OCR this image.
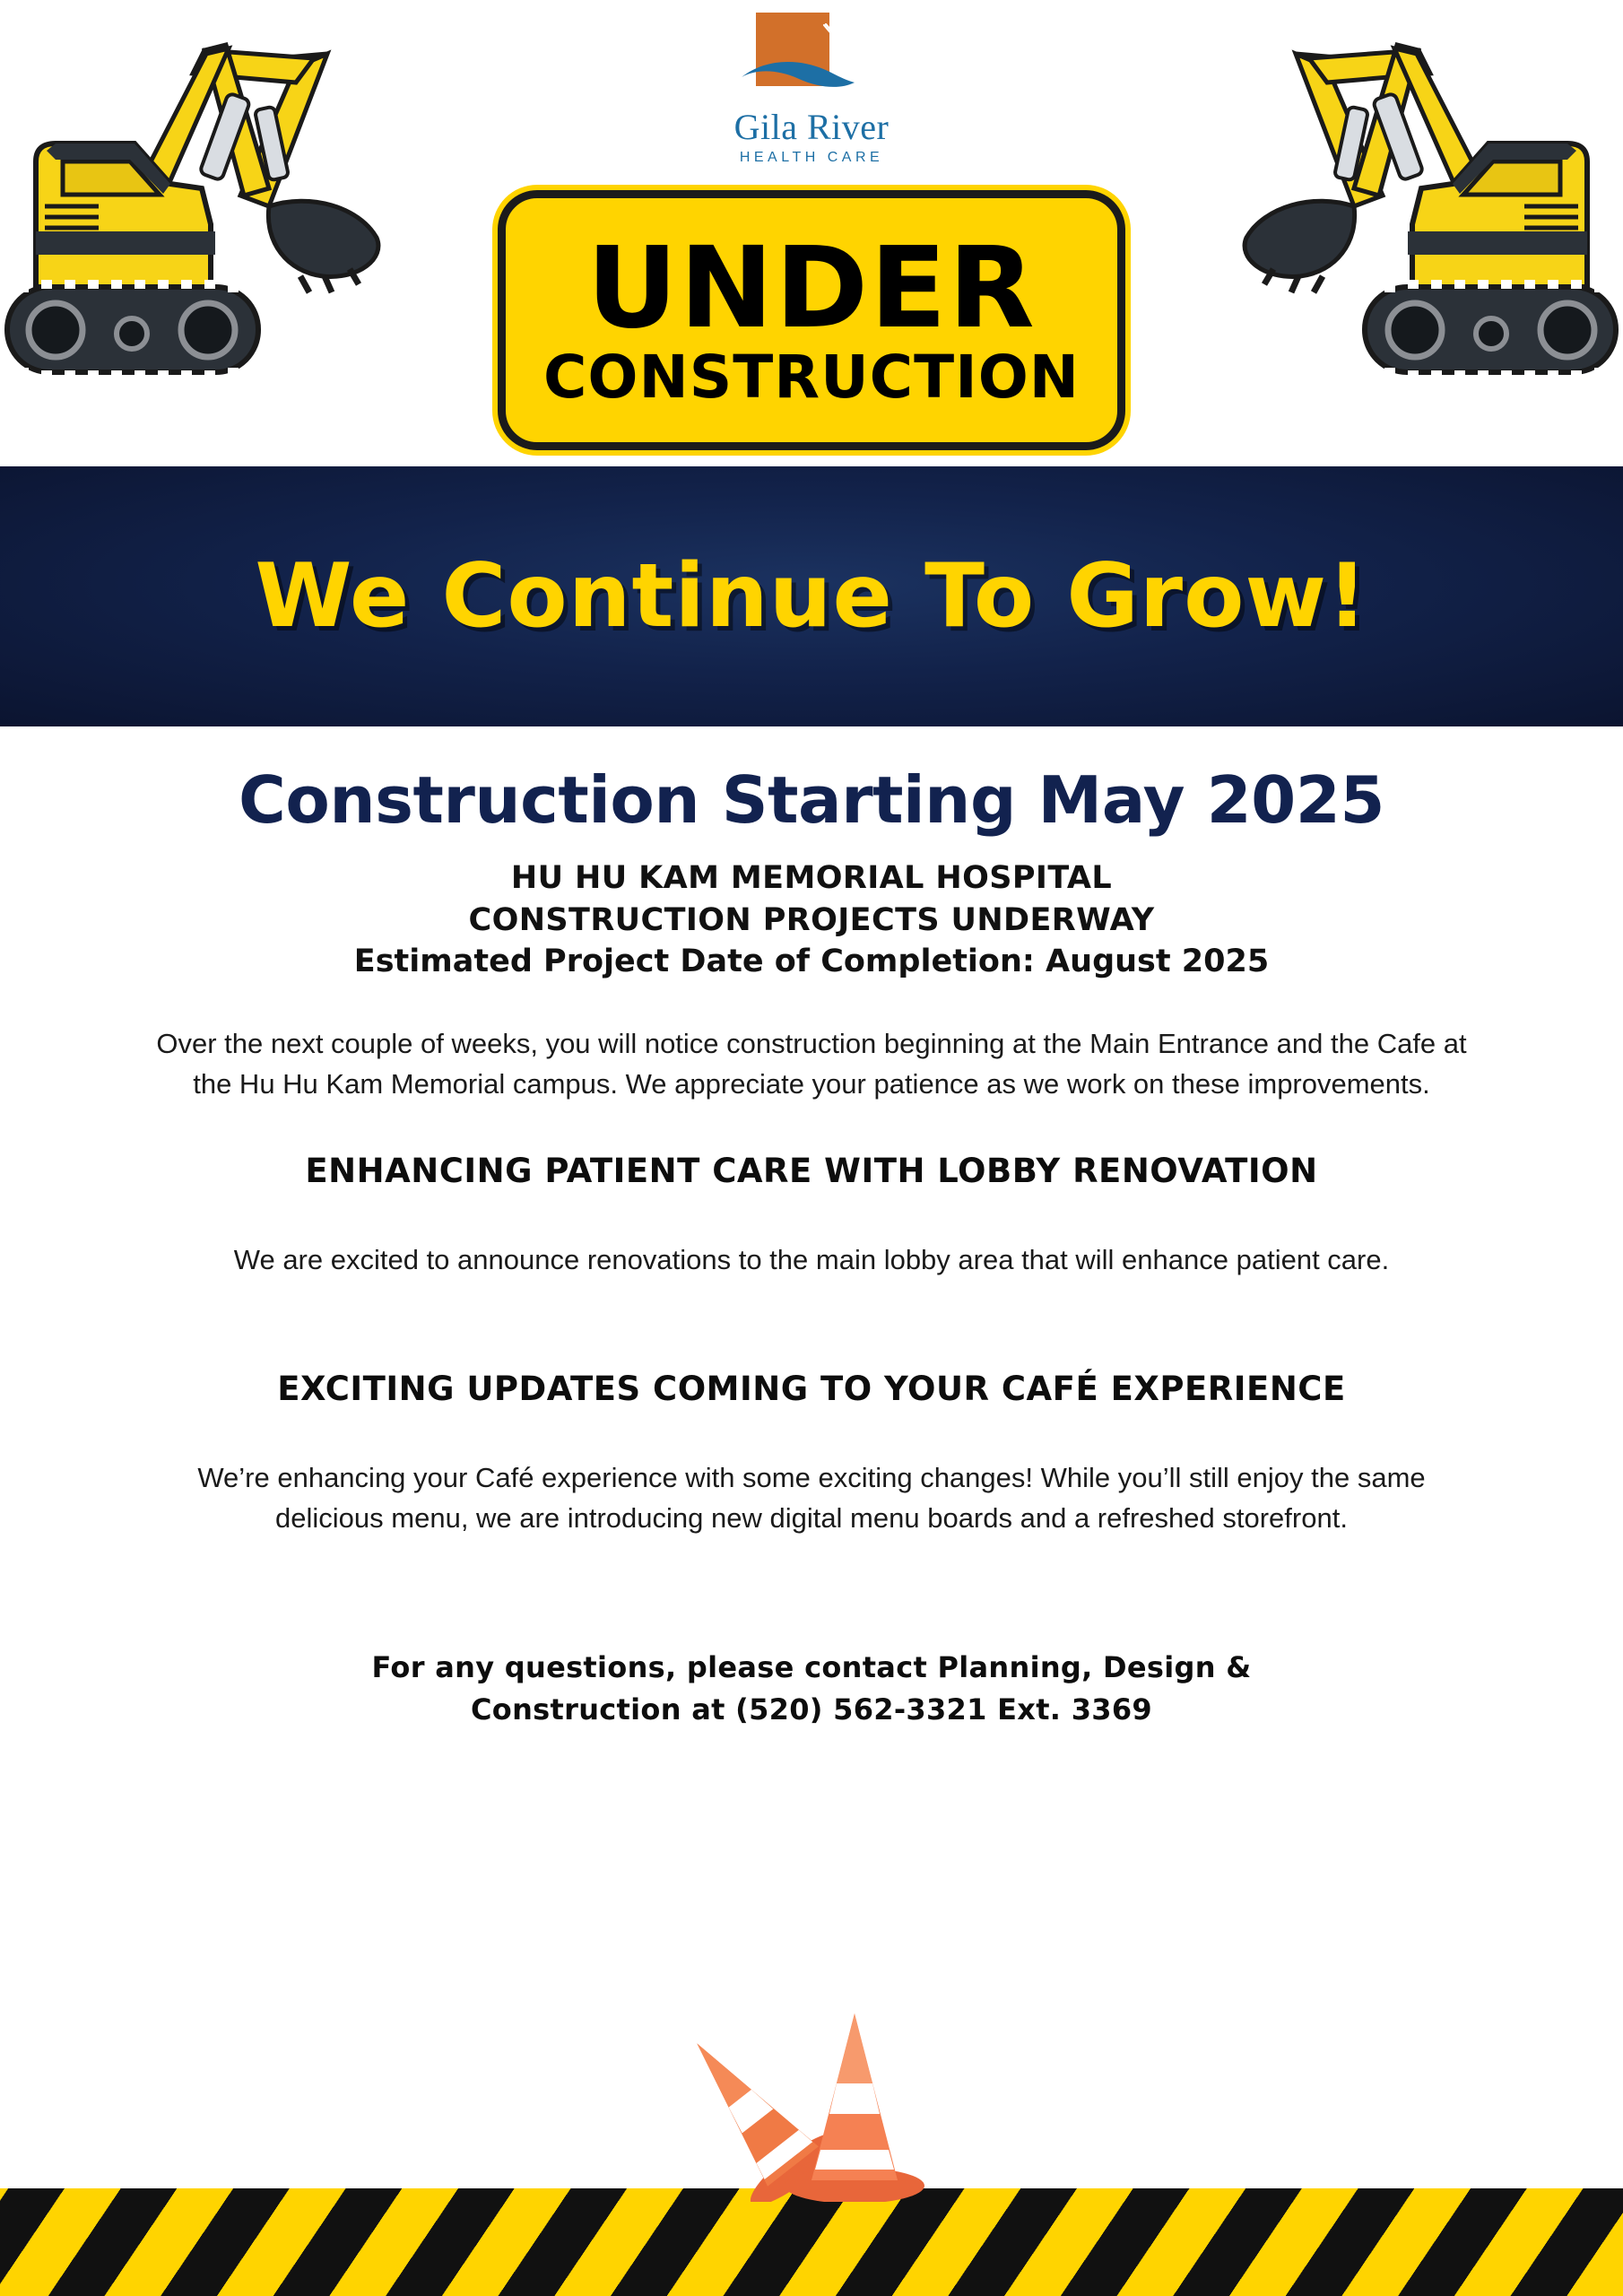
Gila River
HEALTH CARE
UNDER
CONSTRUCTION
We Continue To Grow!
Construction Starting May 2025
HU HU KAM MEMORIAL HOSPITAL
CONSTRUCTION PROJECTS UNDERWAY
Estimated Project Date of Completion: August 2025

Over the next couple of weeks, you will notice construction beginning at the Main Entrance and the Cafe at the Hu Hu Kam Memorial campus. We appreciate your patience as we work on these improvements.

ENHANCING PATIENT CARE WITH LOBBY RENOVATION

We are excited to announce renovations to the main lobby area that will enhance patient care.

EXCITING UPDATES COMING TO YOUR CAFÉ EXPERIENCE

We’re enhancing your Café experience with some exciting changes! While you’ll still enjoy the same delicious menu, we are introducing new digital menu boards and a refreshed storefront.

For any questions, please contact Planning, Design &
Construction at (520) 562-3321 Ext. 3369
